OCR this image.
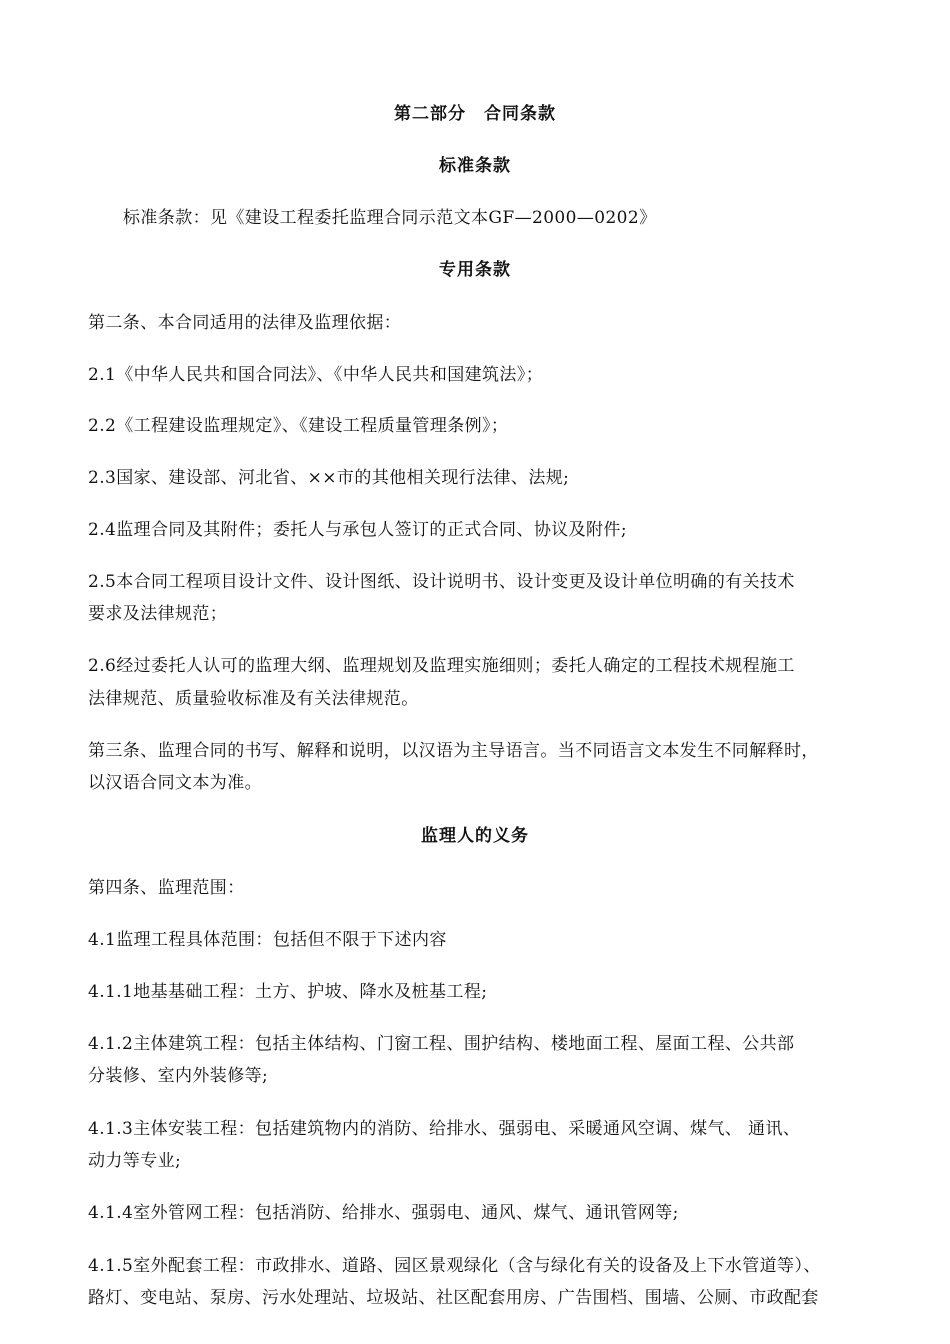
第二部分　合同条款
标准条款
标准条款：见《建设工程委托监理合同示范文本GF—2000—0202》
专用条款
第二条、本合同适用的法律及监理依据：
2.1《中华人民共和国合同法》、《中华人民共和国建筑法》；
2.2《工程建设监理规定》、《建设工程质量管理条例》；
2.3国家、建设部、河北省、××市的其他相关现行法律、法规;
2.4监理合同及其附件；委托人与承包人签订的正式合同、协议及附件;
2.5本合同工程项目设计文件、设计图纸、设计说明书、设计变更及设计单位明确的有关技术
要求及法律规范；
2.6经过委托人认可的监理大纲、监理规划及监理实施细则；委托人确定的工程技术规程施工
法律规范、质量验收标准及有关法律规范。
第三条、监理合同的书写、解释和说明，以汉语为主导语言。当不同语言文本发生不同解释时，
以汉语合同文本为准。
监理人的义务
第四条、监理范围：
4.1监理工程具体范围：包括但不限于下述内容
4.1.1地基基础工程：土方、护坡、降水及桩基工程;
4.1.2主体建筑工程：包括主体结构、门窗工程、围护结构、楼地面工程、屋面工程、公共部
分装修、室内外装修等;
4.1.3主体安装工程：包括建筑物内的消防、给排水、强弱电、采暖通风空调、煤气、 通讯、
动力等专业;
4.1.4室外管网工程：包括消防、给排水、强弱电、通风、煤气、通讯管网等;
4.1.5室外配套工程：市政排水、道路、园区景观绿化（含与绿化有关的设备及上下水管道等）、
路灯、变电站、泵房、污水处理站、垃圾站、社区配套用房、广告围档、围墙、公厕、市政配套
